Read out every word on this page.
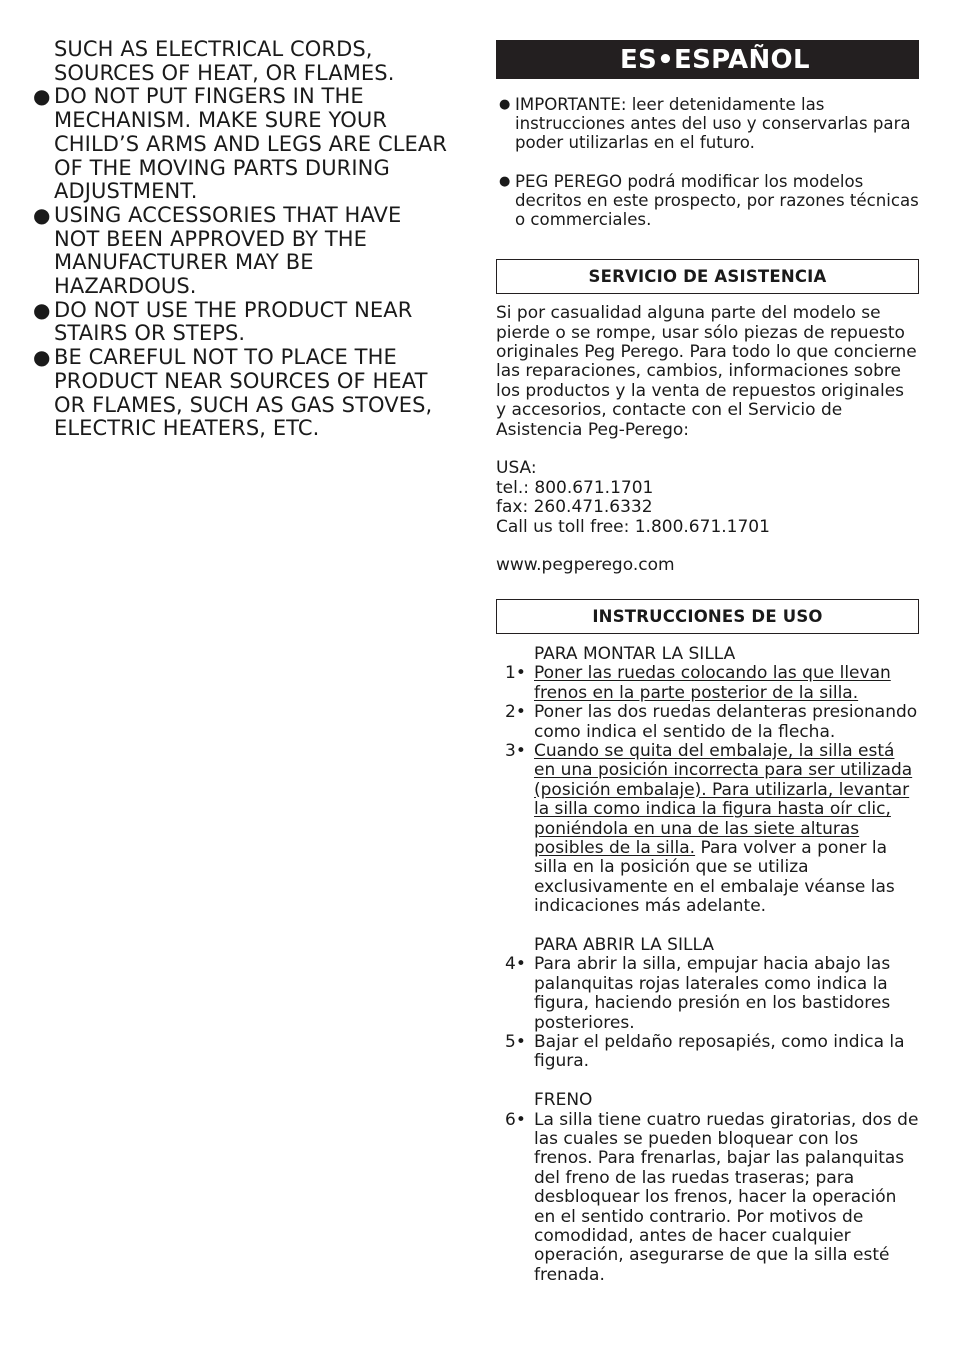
SUCH AS ELECTRICAL CORDS,
SOURCES OF HEAT, OR FLAMES.
● DO NOT PUT FINGERS IN THE MECHANISM. MAKE SURE YOUR CHILD’S ARMS AND LEGS ARE CLEAR OF THE MOVING PARTS DURING ADJUSTMENT.
● USING ACCESSORIES THAT HAVE NOT BEEN APPROVED BY THE MANUFACTURER MAY BE HAZARDOUS.
● DO NOT USE THE PRODUCT NEAR STAIRS OR STEPS.
● BE CAREFUL NOT TO PLACE THE PRODUCT NEAR SOURCES OF HEAT OR FLAMES, SUCH AS GAS STOVES, ELECTRIC HEATERS, ETC.
ES•ESPAÑOL
● IMPORTANTE: leer detenidamente las instrucciones antes del uso y conservarlas para poder utilizarlas en el futuro.
● PEG PEREGO podrá modificar los modelos decritos en este prospecto, por razones técnicas o commerciales.
SERVICIO DE ASISTENCIA

Si por casualidad alguna parte del modelo se pierde o se rompe, usar sólo piezas de repuesto originales Peg Perego. Para todo lo que concierne las reparaciones, cambios, informaciones sobre los productos y la venta de repuestos originales y accesorios, contacte con el Servicio de Asistencia Peg-Perego:

USA:
tel.: 800.671.1701
fax: 260.471.6332
Call us toll free: 1.800.671.1701
www.pegperego.com
INSTRUCCIONES DE USO
PARA MONTAR LA SILLA
1• Poner las ruedas colocando las que llevan frenos en la parte posterior de la silla.
2• Poner las dos ruedas delanteras presionando como indica el sentido de la flecha.
3• Cuando se quita del embalaje, la silla está en una posición incorrecta para ser utilizada (posición embalaje). Para utilizarla, levantar la silla como indica la figura hasta oír clic, poniéndola en una de las siete alturas posibles de la silla. Para volver a poner la silla en la posición que se utiliza exclusivamente en el embalaje véanse las indicaciones más adelante.
PARA ABRIR LA SILLA
4• Para abrir la silla, empujar hacia abajo las palanquitas rojas laterales como indica la figura, haciendo presión en los bastidores posteriores.
5• Bajar el peldaño reposapiés, como indica la figura.
FRENO
6• La silla tiene cuatro ruedas giratorias, dos de las cuales se pueden bloquear con los frenos. Para frenarlas, bajar las palanquitas del freno de las ruedas traseras; para desbloquear los frenos, hacer la operación en el sentido contrario. Por motivos de comodidad, antes de hacer cualquier operación, asegurarse de que la silla esté frenada.
